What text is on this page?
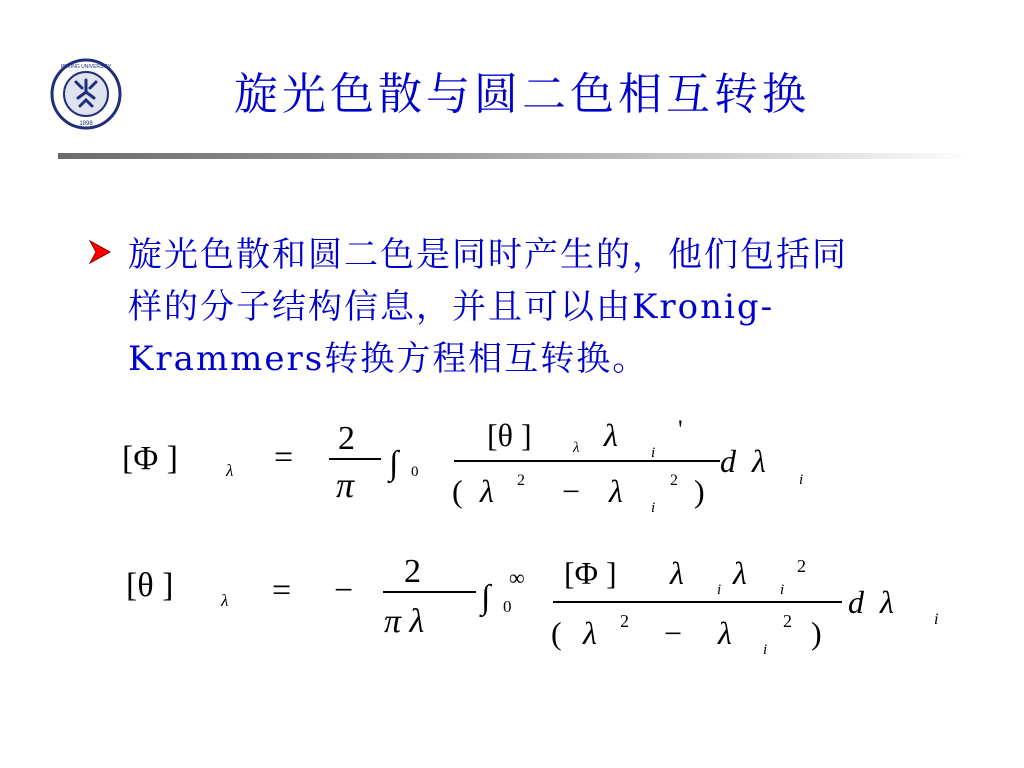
PEKING UNIVERSITY
1898
旋光色散与圆二色相互转换
旋光色散和圆二色是同时产生的，他们包括同
样的分子结构信息，并且可以由Kronig-
Krammers转换方程相互转换。
[Φ ]	λ =
2
π
∫ 0
[θ ]	λ λ i
'
( λ 2 − λ i
2 )
d λ
i
[θ ]	λ = −
2
π λ
∫ 0
∞ [Φ ] λ i λ i
2
( λ 2 − λ i
2 )
d λ	i
